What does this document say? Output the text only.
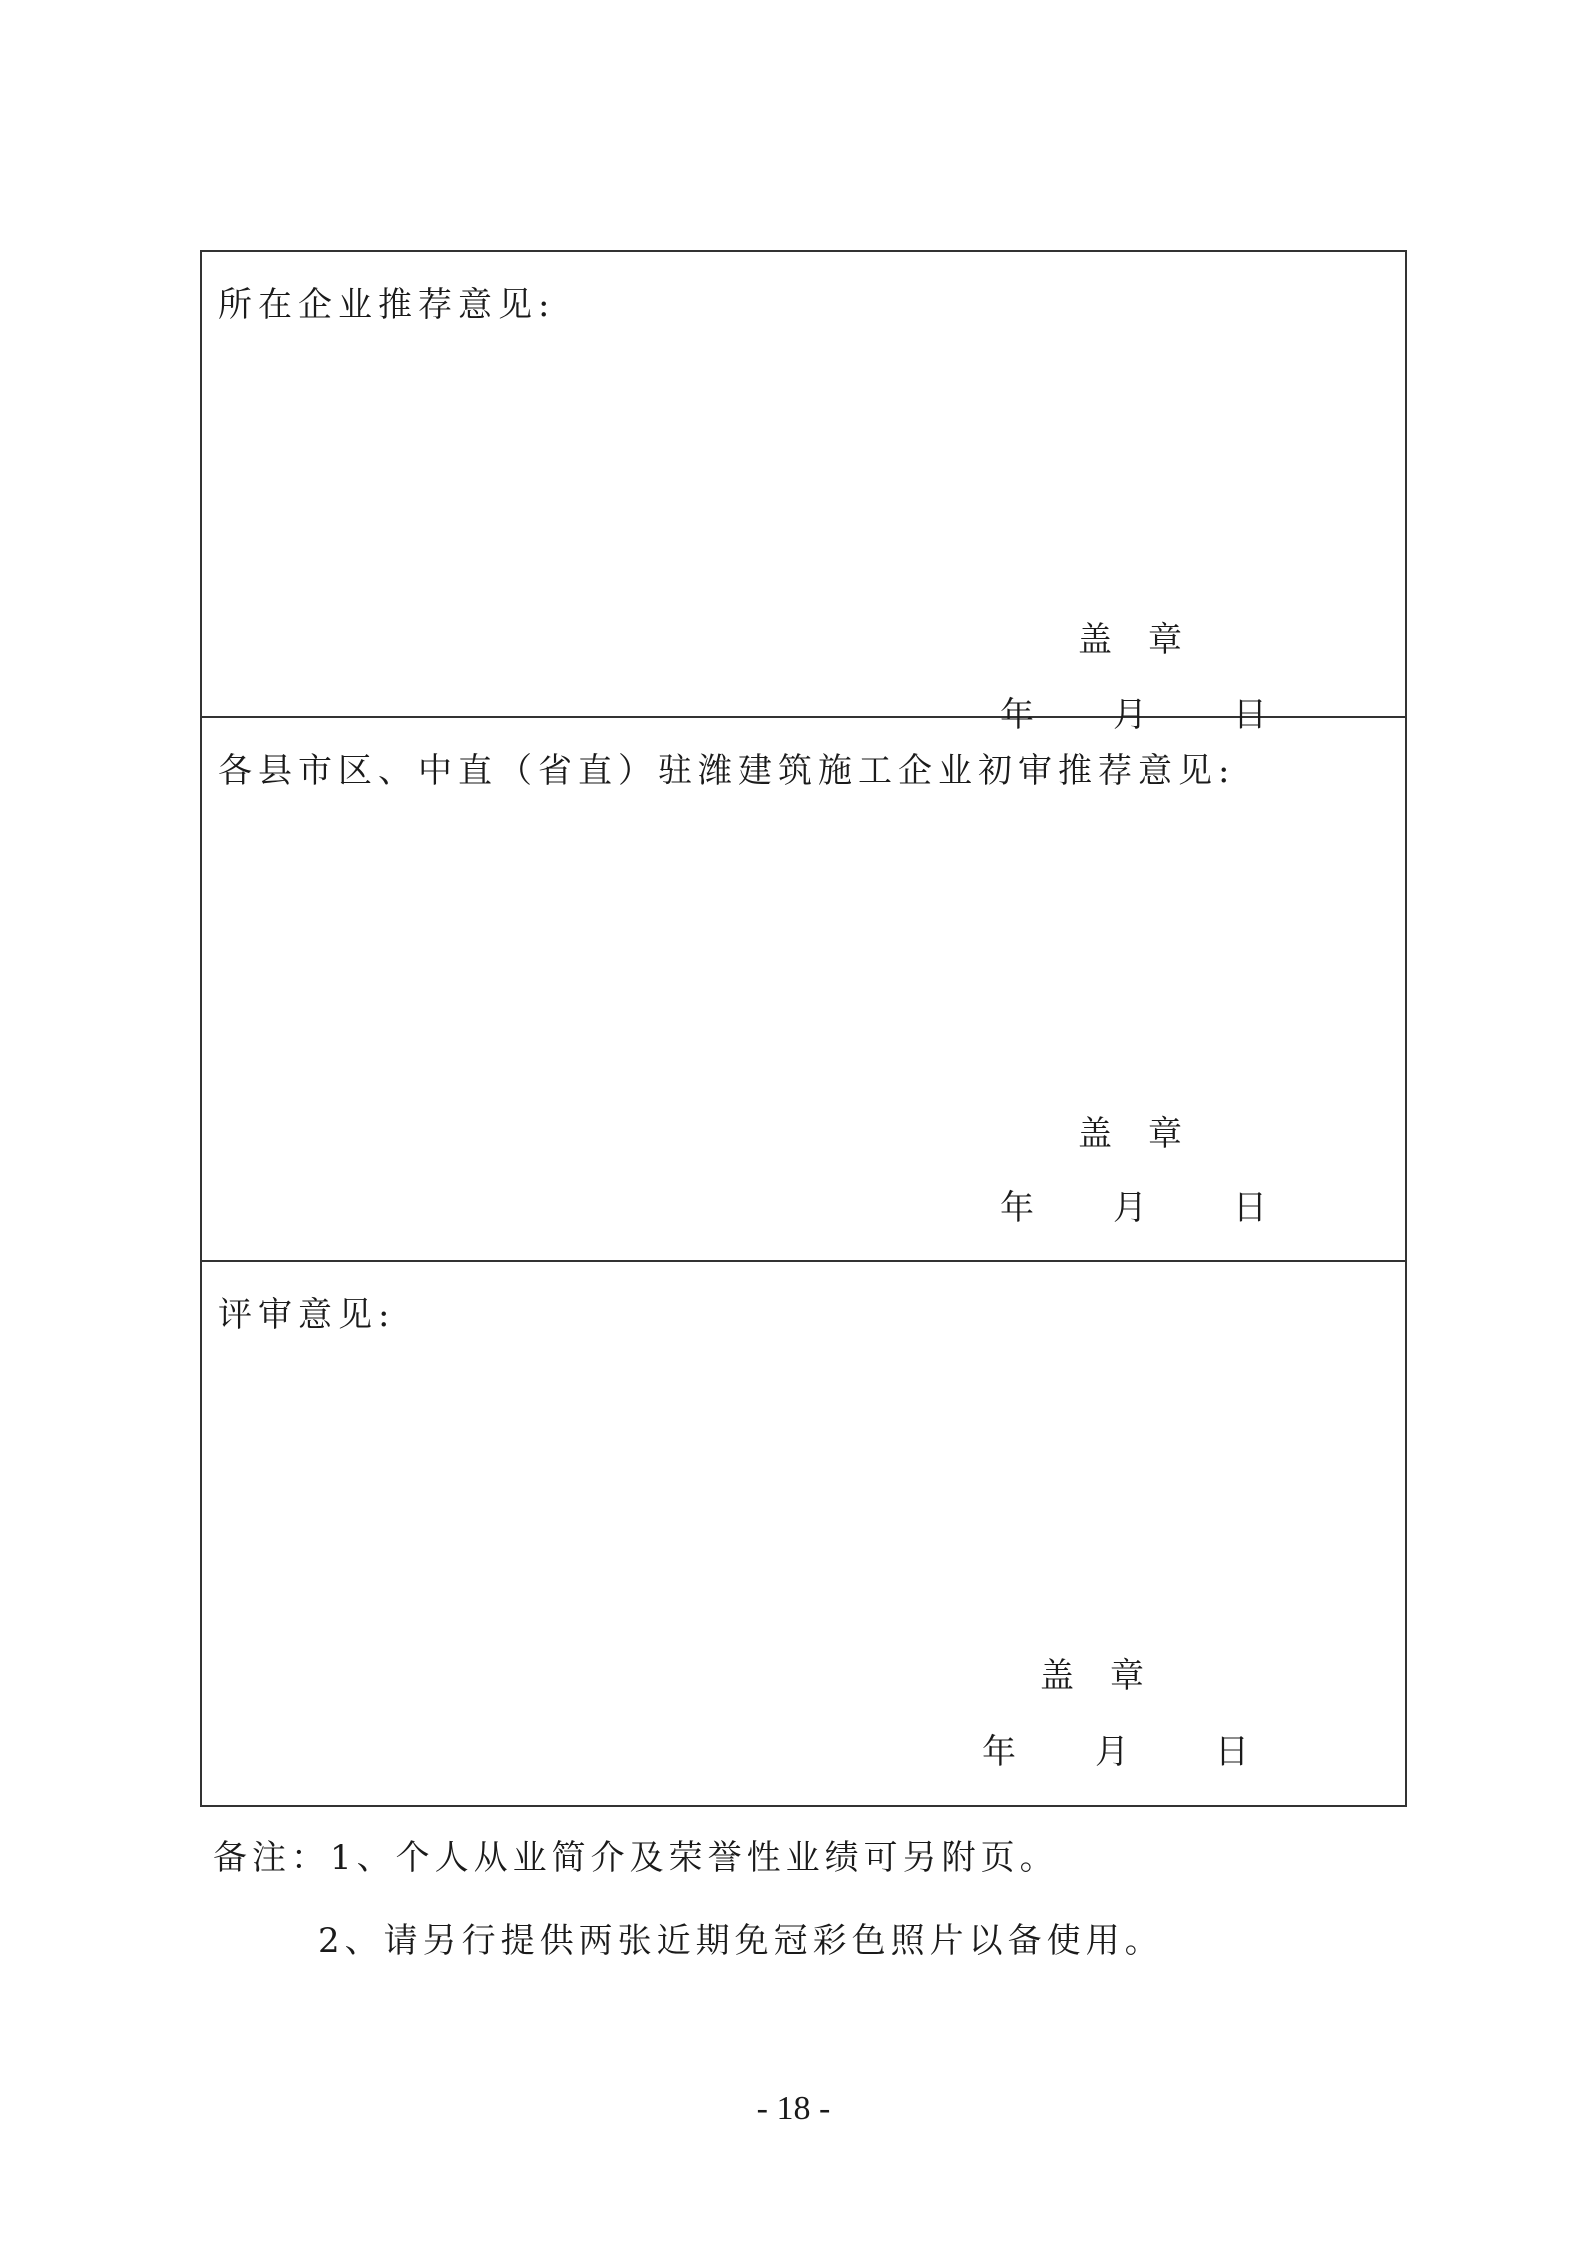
所在企业推荐意见:
盖 章
年 月	日
各县市区、中直（省直）驻潍建筑施工企业初审推荐意见:
盖 章
年 月	日
评审意见:
盖 章
年 月	日
备注：1、个人从业简介及荣誉性业绩可另附页。
2、请另行提供两张近期免冠彩色照片以备使用。
- 18 -
